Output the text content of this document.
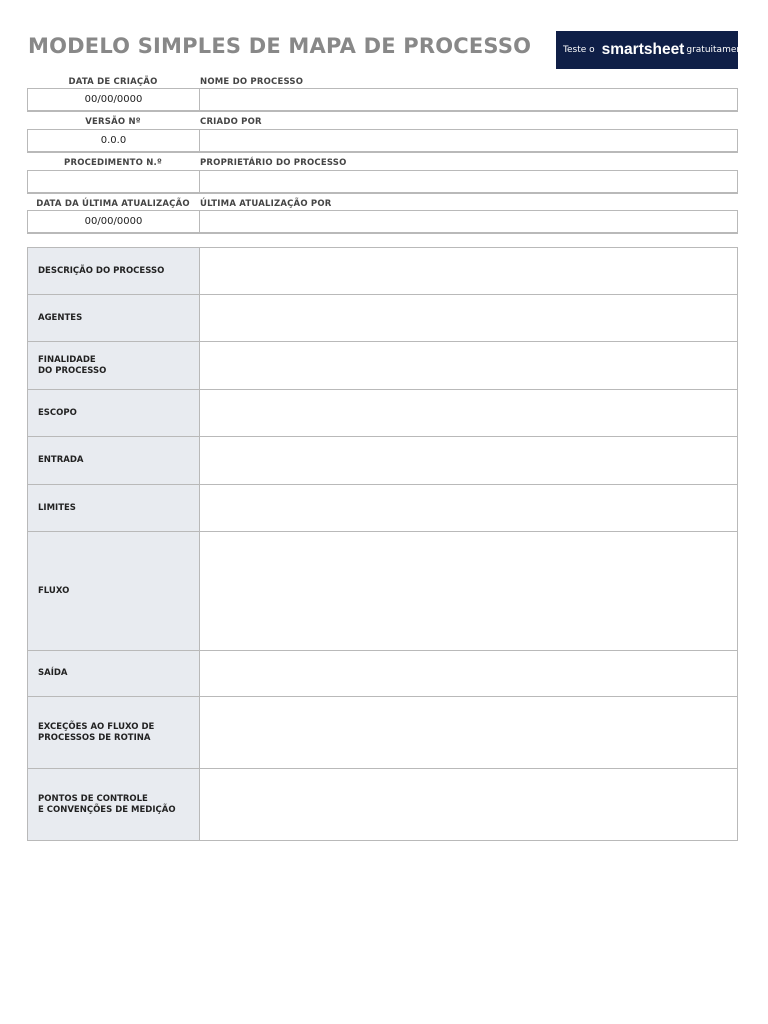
MODELO SIMPLES DE MAPA DE PROCESSO	Teste o smartsheet gratuitamente
DATA DE CRIAÇÃO	NOME DO PROCESSO
00/00/0000
VERSÃO Nº	CRIADO POR
0.0.0
PROCEDIMENTO N.º	PROPRIETÁRIO DO PROCESSO
DATA DA ÚLTIMA ATUALIZAÇÃO	ÚLTIMA ATUALIZAÇÃO POR
00/00/0000
DESCRIÇÃO DO PROCESSO	
AGENTES	
FINALIDADE
DO PROCESSO	
ESCOPO	
ENTRADA	
LIMITES	
FLUXO	
SAÍDA	
EXCEÇÕES AO FLUXO DE
PROCESSOS DE ROTINA	
PONTOS DE CONTROLE
E CONVENÇÕES DE MEDIÇÃO	
